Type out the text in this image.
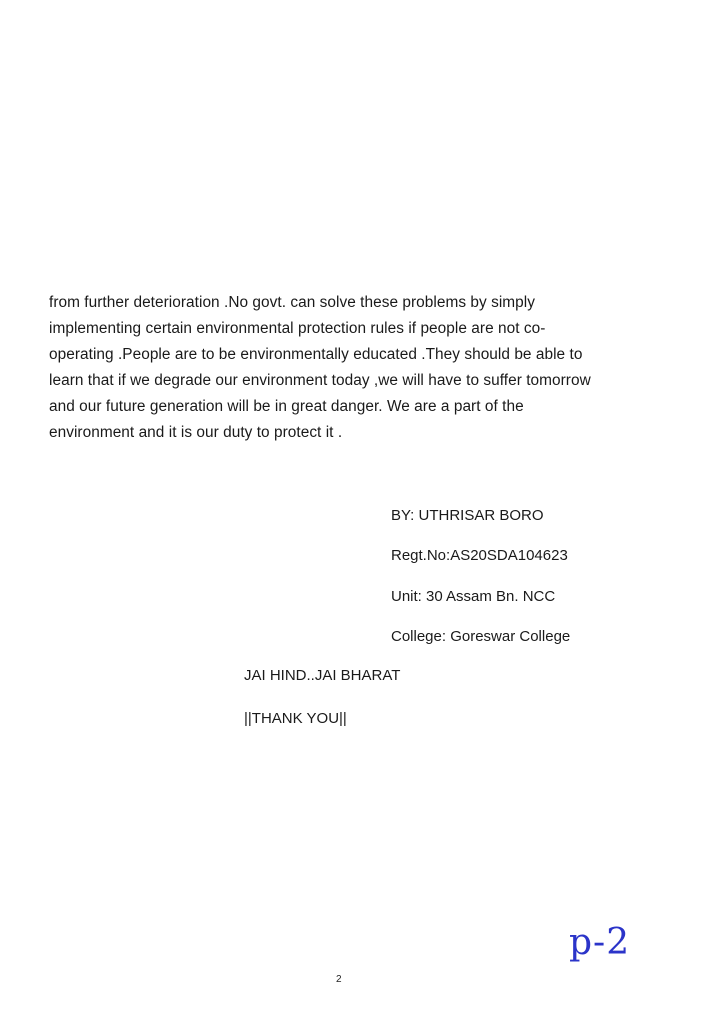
from further deterioration .No govt. can solve these problems by simply
implementing certain environmental protection rules if people are not co-
operating .People are to be environmentally educated .They should be able to
learn that if we degrade our environment today ,we will have to suffer tomorrow
and our future generation will be in great danger. We are a part of the
environment and it is our duty to protect it .

BY: UTHRISAR BORO
Regt.No:AS20SDA104623
Unit: 30 Assam Bn. NCC
College: Goreswar College
JAI HIND..JAI BHARAT
||THANK YOU||
p-2
2
